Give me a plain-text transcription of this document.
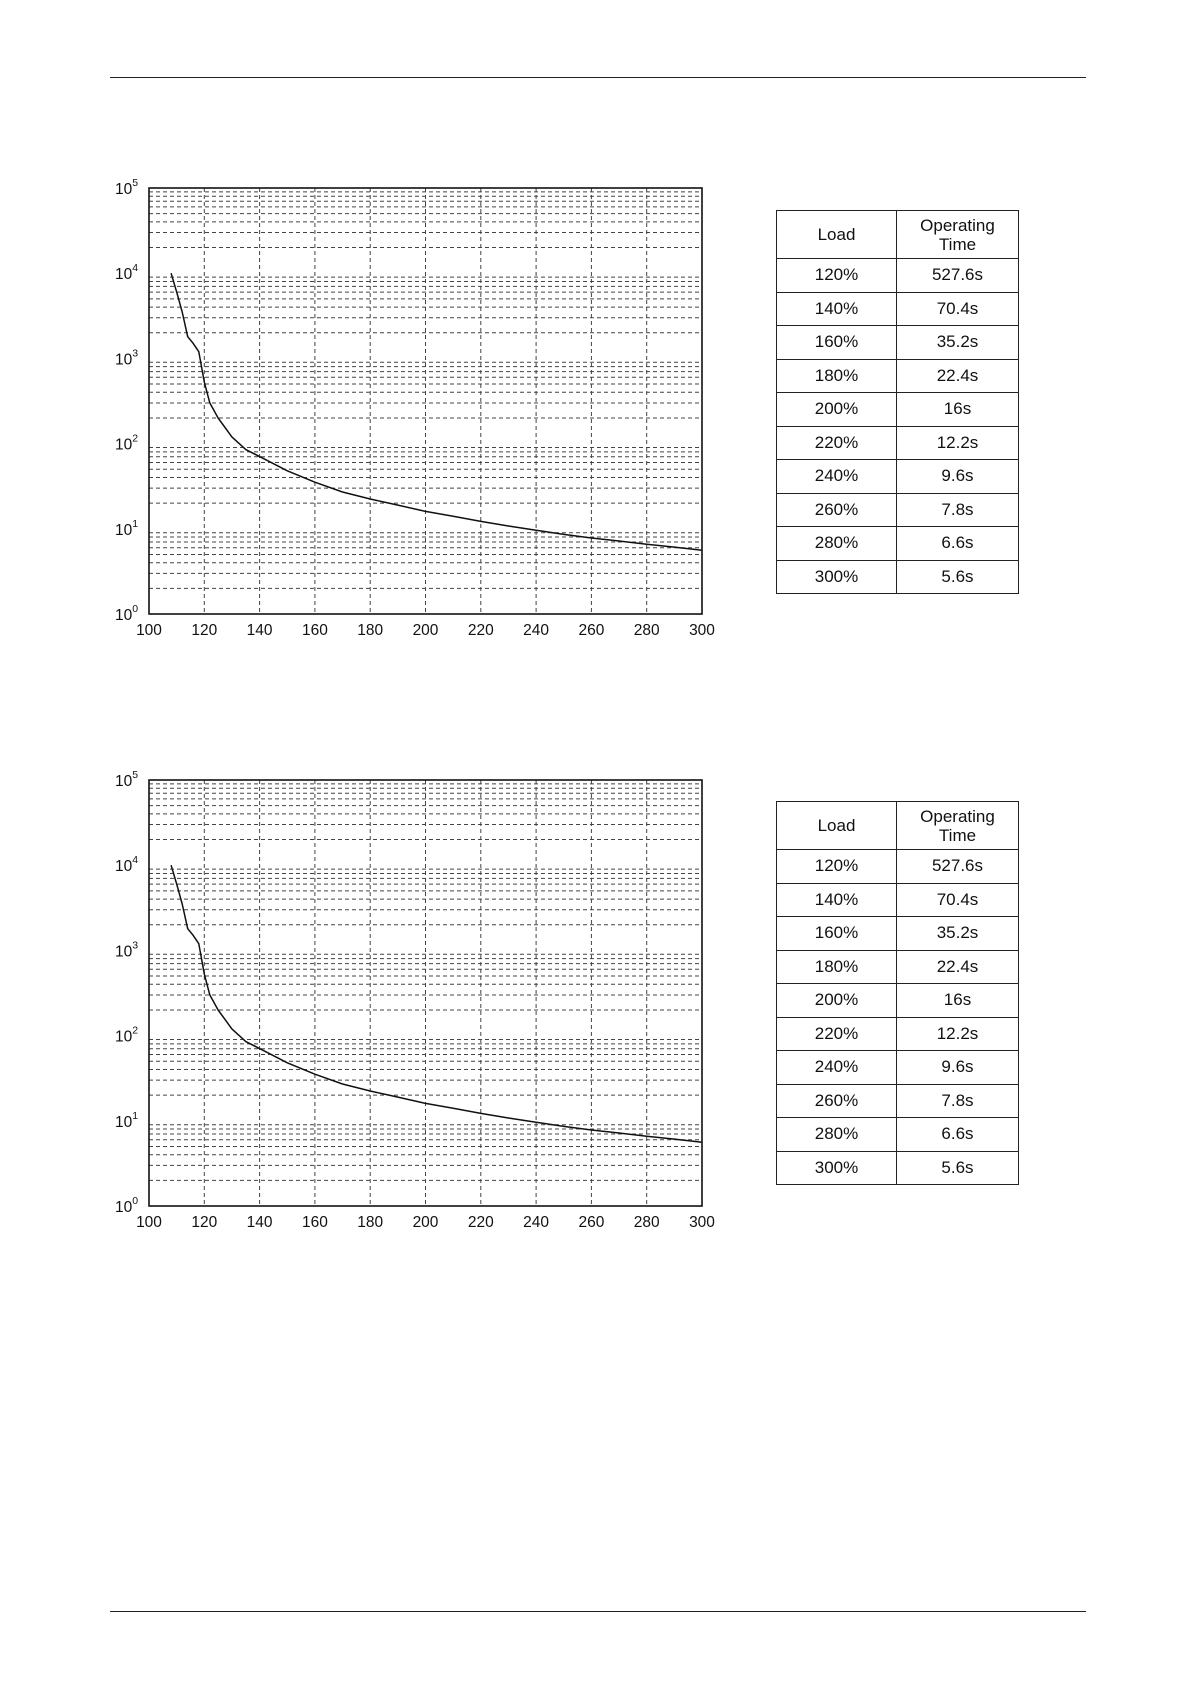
100 120 140 160 180 200 220 240 260 280 300
$10^0$
$10^1$
$10^2$
$10^3$
$10^4$
$10^5$
Load	Operating
Time

120%	527.6s
140%	70.4s
160%	35.2s
180%	22.4s
200%	16s
220%	12.2s
240%	9.6s
260%	7.8s
280%	6.6s
300%	5.6s
100 120 140 160 180 200 220 240 260 280 300
$10^0$
$10^1$
$10^2$
$10^3$
$10^4$
$10^5$
Load	Operating
Time

120%	527.6s
140%	70.4s
160%	35.2s
180%	22.4s
200%	16s
220%	12.2s
240%	9.6s
260%	7.8s
280%	6.6s
300%	5.6s
